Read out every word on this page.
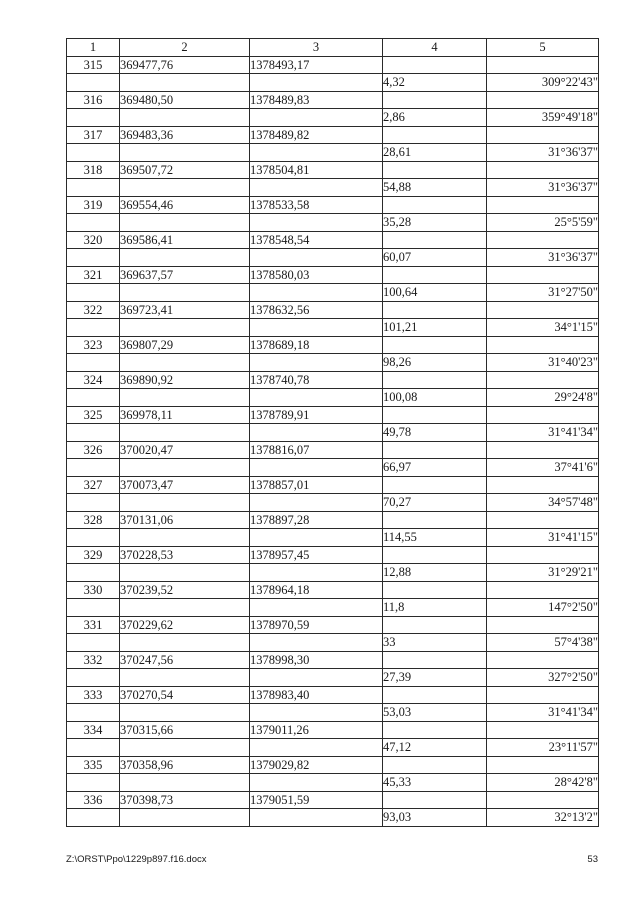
1	2	3	4	5
315	369477,76	1378493,17		
			4,32	309°22'43"
316	369480,50	1378489,83		
			2,86	359°49'18"
317	369483,36	1378489,82		
			28,61	31°36'37"
318	369507,72	1378504,81		
			54,88	31°36'37"
319	369554,46	1378533,58		
			35,28	25°5'59"
320	369586,41	1378548,54		
			60,07	31°36'37"
321	369637,57	1378580,03		
			100,64	31°27'50"
322	369723,41	1378632,56		
			101,21	34°1'15"
323	369807,29	1378689,18		
			98,26	31°40'23"
324	369890,92	1378740,78		
			100,08	29°24'8"
325	369978,11	1378789,91		
			49,78	31°41'34"
326	370020,47	1378816,07		
			66,97	37°41'6"
327	370073,47	1378857,01		
			70,27	34°57'48"
328	370131,06	1378897,28		
			114,55	31°41'15"
329	370228,53	1378957,45		
			12,88	31°29'21"
330	370239,52	1378964,18		
			11,8	147°2'50"
331	370229,62	1378970,59		
			33	57°4'38"
332	370247,56	1378998,30		
			27,39	327°2'50"
333	370270,54	1378983,40		
			53,03	31°41'34"
334	370315,66	1379011,26		
			47,12	23°11'57"
335	370358,96	1379029,82		
			45,33	28°42'8"
336	370398,73	1379051,59		
			93,03	32°13'2"
Z:\ORST\Ppo\1229p897.f16.docx	53
